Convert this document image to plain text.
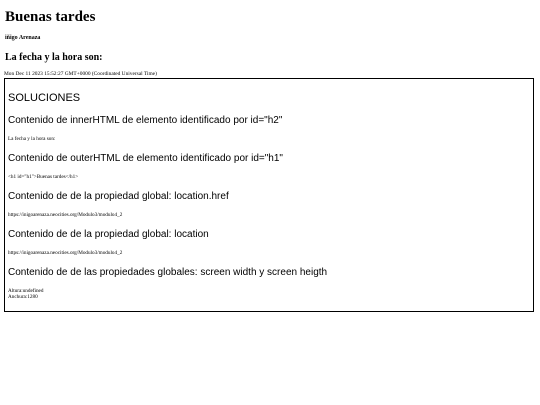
Buenas tardes
iñigo Arenaza
La fecha y la hora son:
Mon Dec 11 2023 15:52:27 GMT+0000 (Coordinated Universal Time)
SOLUCIONES
Contenido de innerHTML de elemento identificado por id="h2"
La fecha y la hora son:
Contenido de outerHTML de elemento identificado por id="h1"
<h1 id="h1">Buenas tardes</h1>
Contenido de de la propiedad global: location.href
https://inigoarenaza.neocities.org/Modulo3/modulo4_2
Contenido de de la propiedad global: location
https://inigoarenaza.neocities.org/Modulo3/modulo4_2
Contenido de de las propiedades globales: screen width y screen heigth
Altura:undefined
Anchura:1280
